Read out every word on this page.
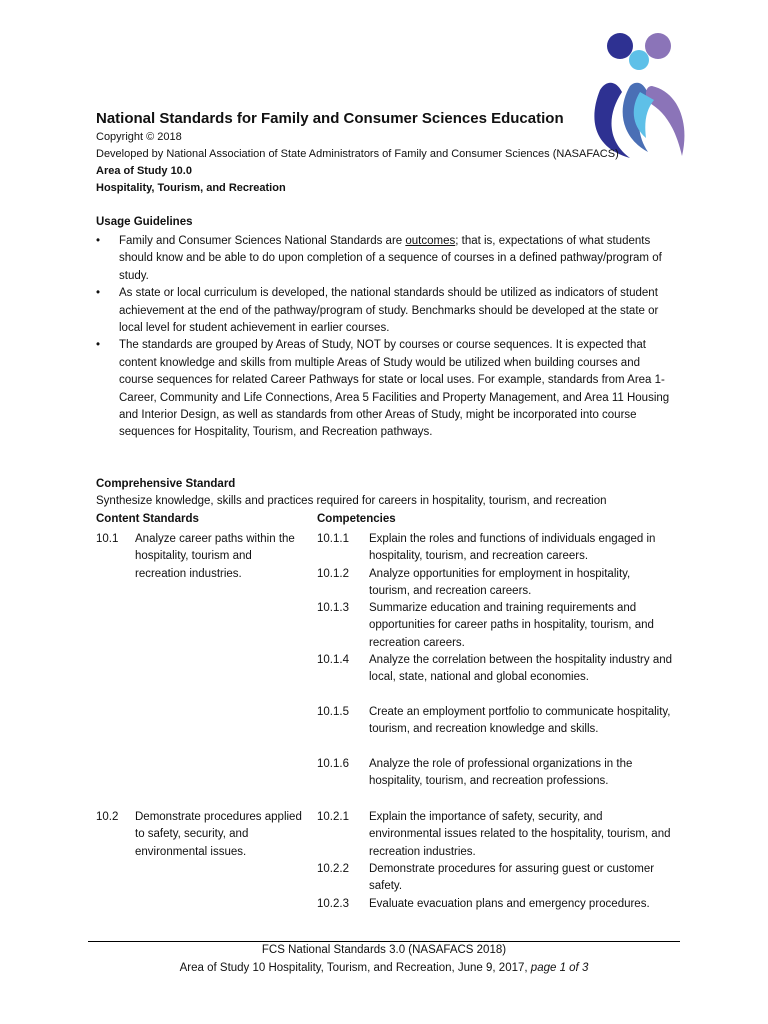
National Standards for Family and Consumer Sciences Education
Copyright © 2018
Developed by National Association of State Administrators of Family and Consumer Sciences (NASAFACS)
Area of Study 10.0
Hospitality, Tourism, and Recreation
Usage Guidelines
• Family and Consumer Sciences National Standards are outcomes; that is, expectations of what students should know and be able to do upon completion of a sequence of courses in a defined pathway/program of study.
• As state or local curriculum is developed, the national standards should be utilized as indicators of student achievement at the end of the pathway/program of study. Benchmarks should be developed at the state or local level for student achievement in earlier courses.
• The standards are grouped by Areas of Study, NOT by courses or course sequences. It is expected that content knowledge and skills from multiple Areas of Study would be utilized when building courses and course sequences for related Career Pathways for state or local uses. For example, standards from Area 1-Career, Community and Life Connections, Area 5 Facilities and Property Management, and Area 11 Housing and Interior Design, as well as standards from other Areas of Study, might be incorporated into course sequences for Hospitality, Tourism, and Recreation pathways.
Comprehensive Standard
Synthesize knowledge, skills and practices required for careers in hospitality, tourism, and recreation
Content Standards	Competencies
10.1 Analyze career paths within the hospitality, tourism and recreation industries.
10.1.1 Explain the roles and functions of individuals engaged in hospitality, tourism, and recreation careers.
10.1.2 Analyze opportunities for employment in hospitality, tourism, and recreation careers.
10.1.3 Summarize education and training requirements and opportunities for career paths in hospitality, tourism, and recreation careers.
10.1.4 Analyze the correlation between the hospitality industry and local, state, national and global economies.
10.1.5 Create an employment portfolio to communicate hospitality, tourism, and recreation knowledge and skills.
10.1.6 Analyze the role of professional organizations in the hospitality, tourism, and recreation professions.
10.2 Demonstrate procedures applied to safety, security, and environmental issues.
10.2.1 Explain the importance of safety, security, and environmental issues related to the hospitality, tourism, and recreation industries.
10.2.2 Demonstrate procedures for assuring guest or customer safety.
10.2.3 Evaluate evacuation plans and emergency procedures.
FCS National Standards 3.0 (NASAFACS 2018)
Area of Study 10 Hospitality, Tourism, and Recreation, June 9, 2017, page 1 of 3
